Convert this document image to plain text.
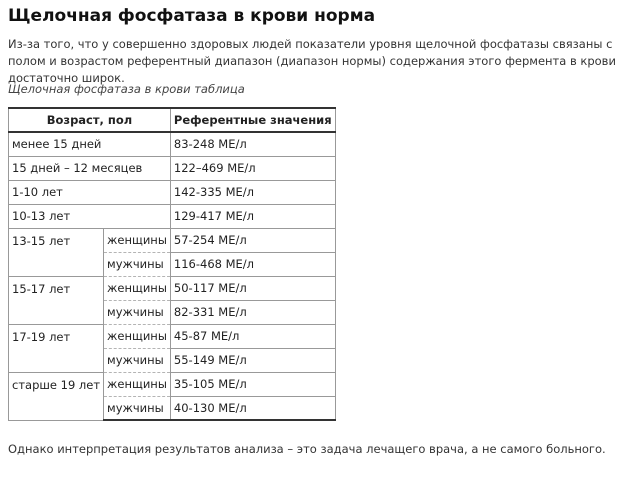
Щелочная фосфатаза в крови норма

Из-за того, что у совершенно здоровых людей показатели уровня щелочной фосфатазы связаны с полом и возрастом референтный диапазон (диапазон нормы) содержания этого фермента в крови достаточно широк.

Щелочная фосфатаза в крови таблица

Возраст, пол		Референтные значения
менее 15 дней		83-248 МЕ/л
15 дней – 12 месяцев		122–469 МЕ/л
1-10 лет		142-335 МЕ/л
10-13 лет		129-417 МЕ/л
13-15 лет	женщины	57-254 МЕ/л
	мужчины	116-468 МЕ/л
15-17 лет	женщины	50-117 МЕ/л
	мужчины	82-331 МЕ/л
17-19 лет	женщины	45-87 МЕ/л
	мужчины	55-149 МЕ/л
старше 19 лет	женщины	35-105 МЕ/л
	мужчины	40-130 МЕ/л

Однако интерпретация результатов анализа – это задача лечащего врача, а не самого больного.
